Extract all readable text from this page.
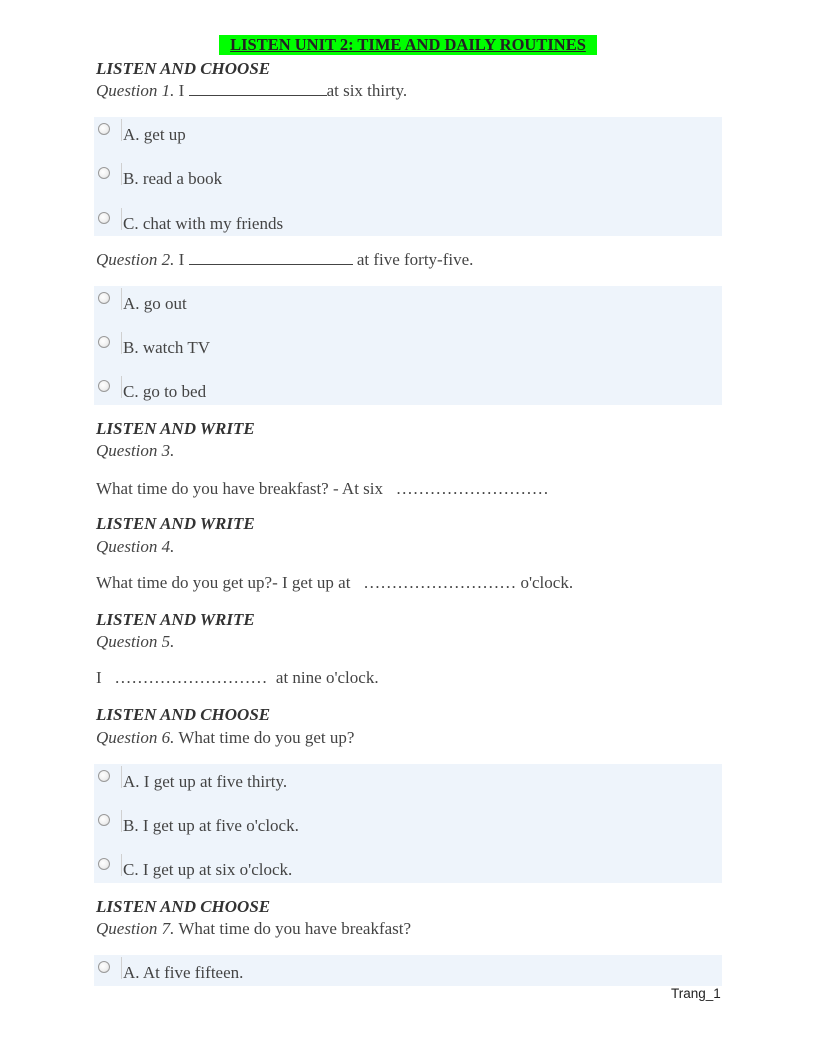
LISTEN UNIT 2: TIME AND DAILY ROUTINES
LISTEN AND CHOOSE
Question 1. I	at six thirty.
A. get up
B. read a book
C. chat with my friends
Question 2. I	at five forty-five.
A. go out
B. watch TV
C. go to bed
LISTEN AND WRITE
Question 3.
What time do you have breakfast? - At six   ………………………
LISTEN AND WRITE
Question 4.
What time do you get up?- I get up at   ……………………… o'clock.
LISTEN AND WRITE
Question 5.
I   ………………………  at nine o'clock.
LISTEN AND CHOOSE
Question 6. What time do you get up?
A. I get up at five thirty.
B. I get up at five o'clock.
C. I get up at six o'clock.
LISTEN AND CHOOSE
Question 7. What time do you have breakfast?
A. At five fifteen.
Trang_1
